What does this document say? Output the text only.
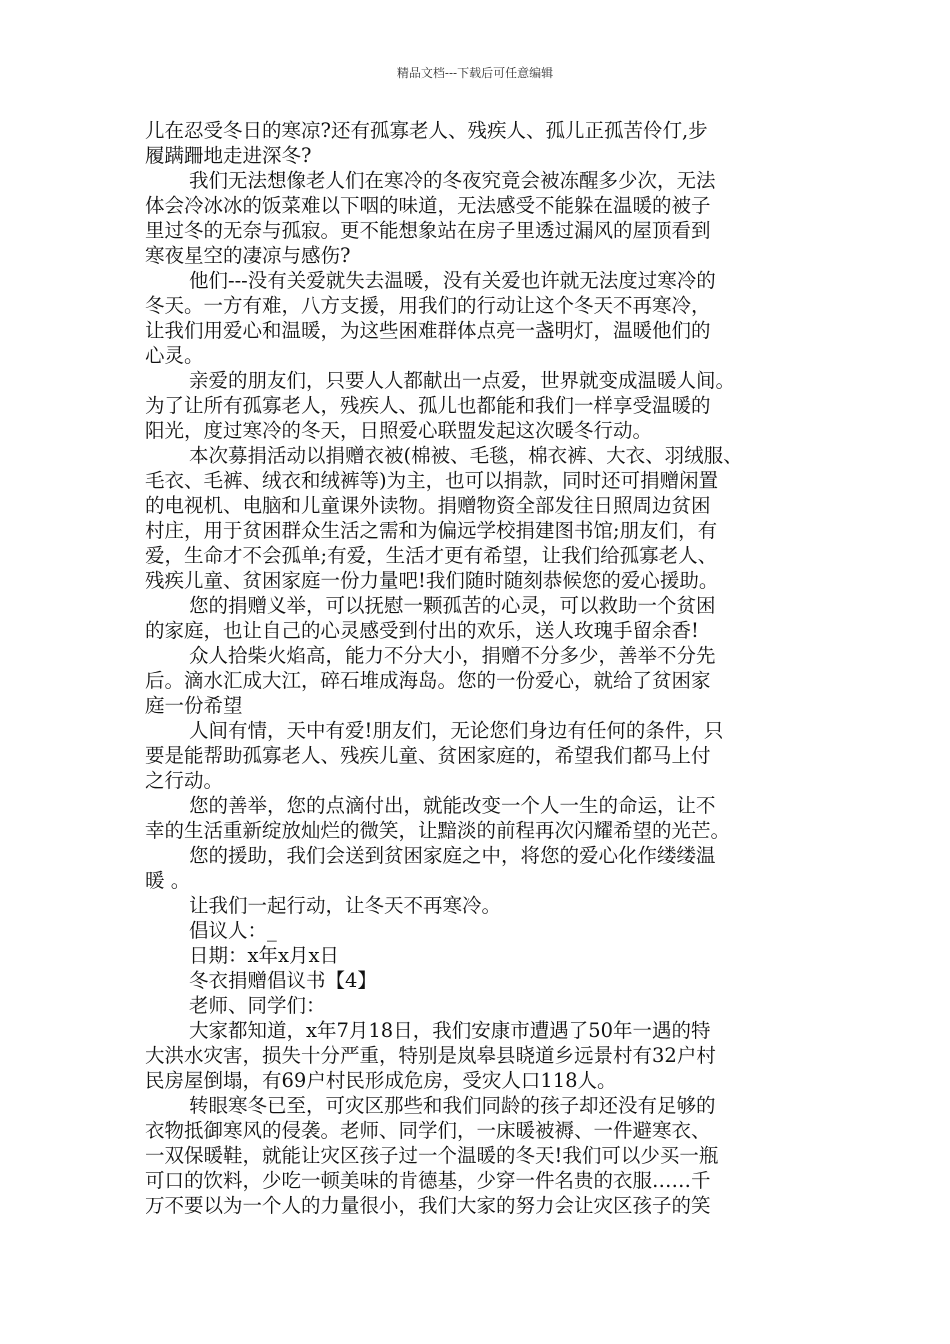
精品文档---下载后可任意编辑
儿在忍受冬日的寒凉?还有孤寡老人、残疾人、孤儿正孤苦伶仃,步
履蹒跚地走进深冬?
我们无法想像老人们在寒冷的冬夜究竟会被冻醒多少次，无法
体会冷冰冰的饭菜难以下咽的味道，无法感受不能躲在温暖的被子
里过冬的无奈与孤寂。更不能想象站在房子里透过漏风的屋顶看到
寒夜星空的凄凉与感伤?
他们---没有关爱就失去温暖，没有关爱也许就无法度过寒冷的
冬天。一方有难，八方支援，用我们的行动让这个冬天不再寒冷，
让我们用爱心和温暖，为这些困难群体点亮一盏明灯，温暖他们的
心灵。
亲爱的朋友们，只要人人都献出一点爱，世界就变成温暖人间。
为了让所有孤寡老人，残疾人、孤儿也都能和我们一样享受温暖的
阳光，度过寒冷的冬天，日照爱心联盟发起这次暖冬行动。
本次募捐活动以捐赠衣被(棉被、毛毯，棉衣裤、大衣、羽绒服、
毛衣、毛裤、绒衣和绒裤等)为主，也可以捐款，同时还可捐赠闲置
的电视机、电脑和儿童课外读物。捐赠物资全部发往日照周边贫困
村庄，用于贫困群众生活之需和为偏远学校捐建图书馆;朋友们，有
爱，生命才不会孤单;有爱，生活才更有希望，让我们给孤寡老人、
残疾儿童、贫困家庭一份力量吧!我们随时随刻恭候您的爱心援助。
您的捐赠义举，可以抚慰一颗孤苦的心灵，可以救助一个贫困
的家庭，也让自己的心灵感受到付出的欢乐，送人玫瑰手留余香!
众人拾柴火焰高，能力不分大小，捐赠不分多少，善举不分先
后。滴水汇成大江，碎石堆成海岛。您的一份爱心，就给了贫困家
庭一份希望
人间有情，天中有爱!朋友们，无论您们身边有任何的条件，只
要是能帮助孤寡老人、残疾儿童、贫困家庭的，希望我们都马上付
之行动。
您的善举，您的点滴付出，就能改变一个人一生的命运，让不
幸的生活重新绽放灿烂的微笑，让黯淡的前程再次闪耀希望的光芒。
您的援助，我们会送到贫困家庭之中，将您的爱心化作缕缕温
暖 。
让我们一起行动，让冬天不再寒冷。
倡议人：_
日期：x年x月x日
冬衣捐赠倡议书【4】
老师、同学们：
大家都知道，x年7月18日，我们安康市遭遇了50年一遇的特
大洪水灾害，损失十分严重，特别是岚皋县晓道乡远景村有32户村
民房屋倒塌，有69户村民形成危房，受灾人口118人。
转眼寒冬已至，可灾区那些和我们同龄的孩子却还没有足够的
衣物抵御寒风的侵袭。老师、同学们，一床暖被褥、一件避寒衣、
一双保暖鞋，就能让灾区孩子过一个温暖的冬天!我们可以少买一瓶
可口的饮料，少吃一顿美味的肯德基，少穿一件名贵的衣服……千
万不要以为一个人的力量很小，我们大家的努力会让灾区孩子的笑
